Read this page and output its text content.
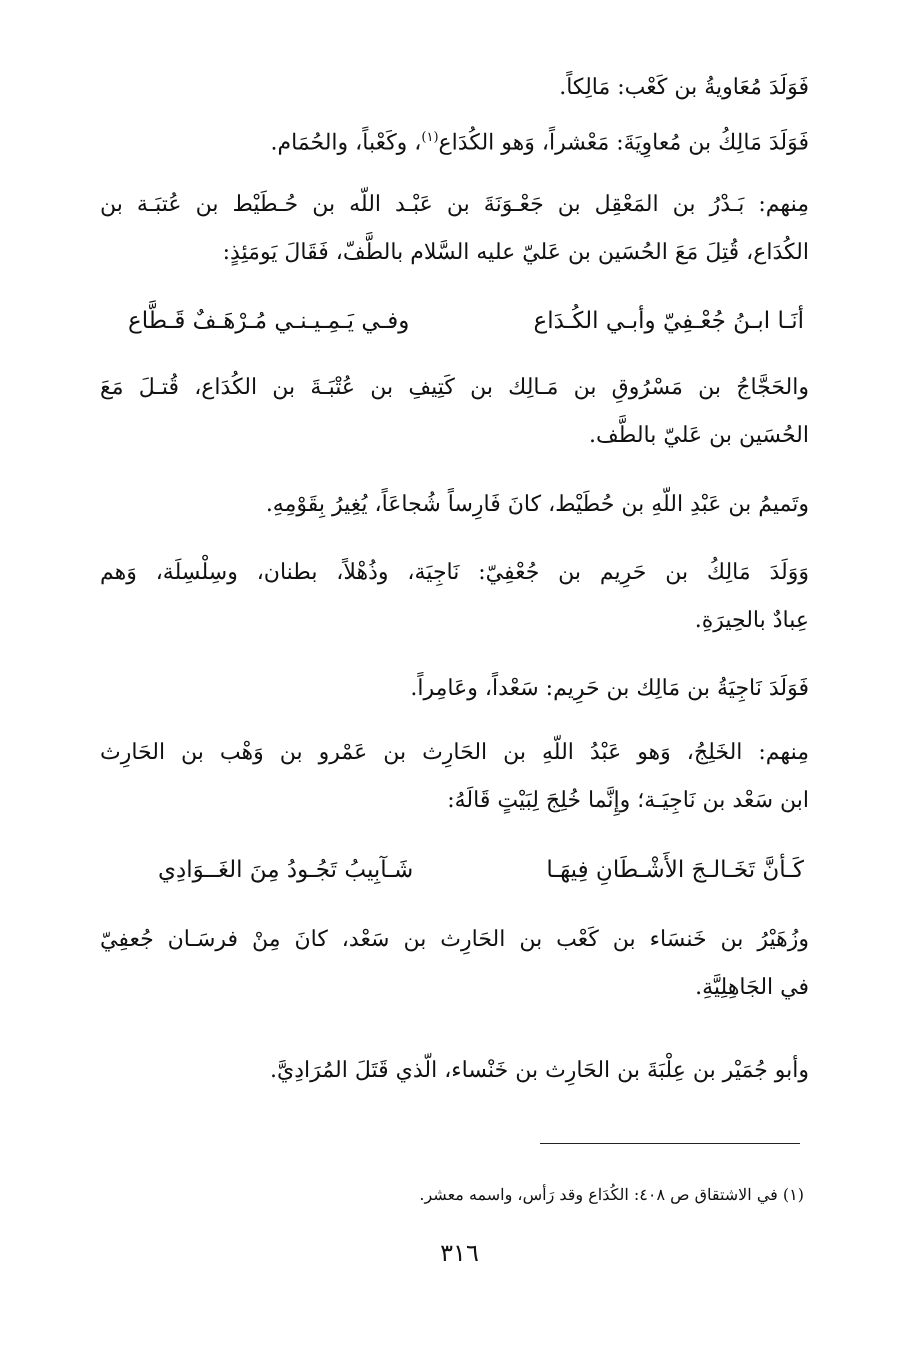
فَوَلَدَ مُعَاويةُ بن كَعْب: مَالِكاً.
فَوَلَدَ مَالِكُ بن مُعاوِيَةَ: مَعْشراً، وَهو الكُدَاع$^{(١)}$، وكَعْباً، والحُمَام.
مِنهم: بَـدْرُ بن المَعْقِل بن جَعْـوَنَةَ بن عَبْـد اللّه بن حُـطَيْط بن عُتبَـة بن
الكُدَاع، قُتِلَ مَعَ الحُسَين بن عَليّ عليه السَّلام بالطَّفّ، فَقَالَ يَومَئِذٍ:
أنَـا ابـنُ جُعْـفِيّ وأبـي الكُـدَاع
وفـي يَـمِـيـنـي مُـرْهَـفٌ قَـطَّاع
والحَجَّاجُ بن مَسْرُوقِ بن مَـالِك بن كَتِيفِ بن عُتْبَـةَ بن الكُدَاع، قُتـلَ مَعَ
الحُسَين بن عَليّ بالطَّف.
وتَميمُ بن عَبْدِ اللّهِ بن حُطَيْط، كانَ فَارِساً شُجاعَاً، يُغِيرُ بِقَوْمِهِ.
وَوَلَدَ مَالِكُ بن حَرِيم بن جُعْفِيّ: نَاجِيَة، وذُهْلاً، بطنان، وسِلْسِلَة، وَهم
عِبادٌ بالحِيرَةِ.
فَوَلَدَ نَاجِيَةُ بن مَالِك بن حَرِيم: سَعْداً، وعَامِراً.
مِنهم: الخَلِجُ، وَهو عَبْدُ اللّهِ بن الحَارِث بن عَمْرو بن وَهْب بن الحَارِث
ابن سَعْد بن نَاجِيَـة؛ وإِنَّما خُلِجَ لِبَيْتٍ قَالَهُ:
كَـأنَّ تَخَـالـجَ الأَشْـطَانِ فِيهَـا
شَـآبِيبُ تَجُـودُ مِنَ الغَــوَادِي
وزُهَيْرُ بن خَنسَاء بن كَعْب بن الحَارِث بن سَعْد، كانَ مِنْ فرسَـان جُعفِيّ
في الجَاهِلِيَّةِ.
وأبو جُمَيْر بن عِلْبَةَ بن الحَارِث بن خَنْساء، الّذي قَتَلَ المُرَادِيَّ.
(١) في الاشتقاق ص ٤٠٨: الكُدَاع وقد رَأس، واسمه معشر.
٣١٦
